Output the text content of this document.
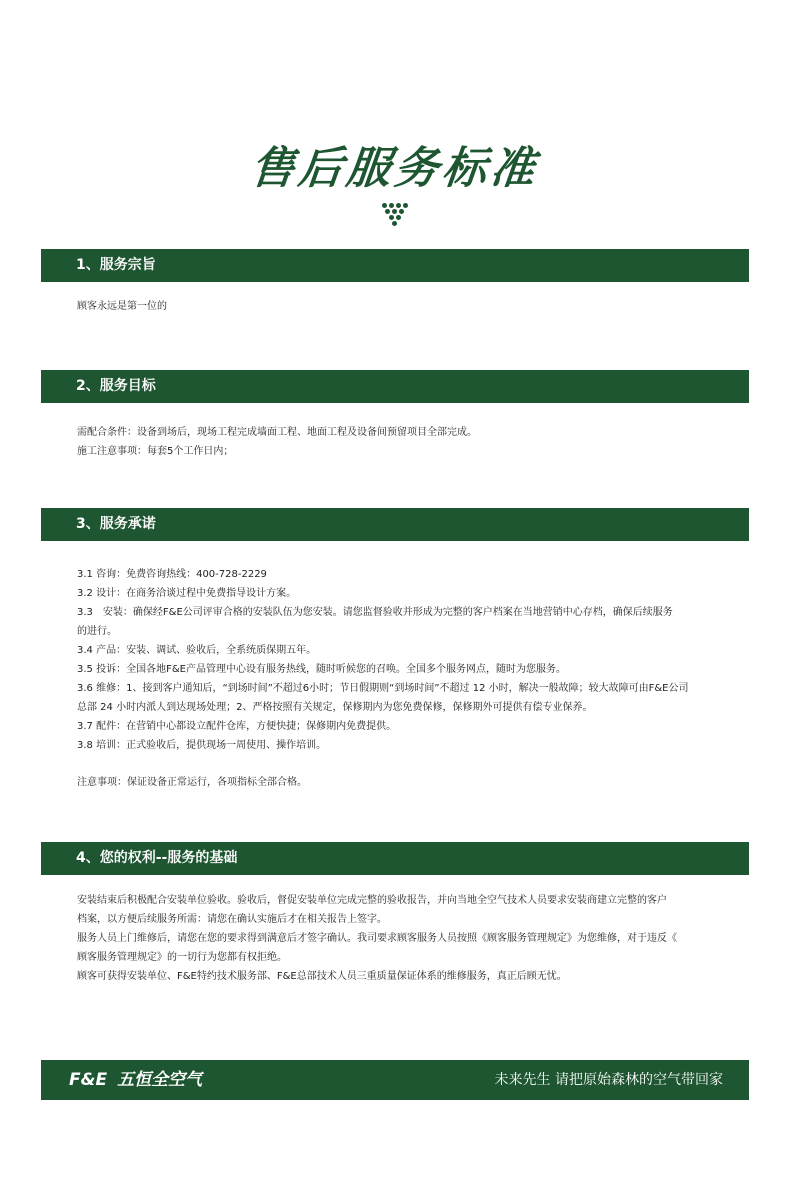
售后服务标准
1、服务宗旨

顾客永远是第一位的

2、服务目标

需配合条件：设备到场后，现场工程完成墙面工程、地面工程及设备间预留项目全部完成。

施工注意事项：每套5个工作日内；

3、服务承诺

3.1 咨询：免费咨询热线：400-728-2229

3.2 设计：在商务洽谈过程中免费指导设计方案。

3.3　安装：确保经F&E公司评审合格的安装队伍为您安装。请您监督验收并形成为完整的客户档案在当地营销中心存档，确保后续服务

的进行。

3.4 产品：安装、调试、验收后，全系统质保期五年。

3.5 投诉：全国各地F&E产品管理中心设有服务热线，随时听候您的召唤。全国多个服务网点，随时为您服务。

3.6 维修：1、接到客户通知后，“到场时间”不超过6小时；节日假期则“到场时间”不超过 12 小时，解决一般故障；较大故障可由F&E公司

总部 24 小时内派人到达现场处理；2、严格按照有关规定，保修期内为您免费保修，保修期外可提供有偿专业保养。

3.7 配件：在营销中心都设立配件仓库，方便快捷；保修期内免费提供。

3.8 培训：正式验收后，提供现场一周使用、操作培训。

注意事项：保证设备正常运行，各项指标全部合格。

4、您的权利--服务的基础

安装结束后积极配合安装单位验收。验收后，督促安装单位完成完整的验收报告，并向当地全空气技术人员要求安装商建立完整的客户

档案，以方便后续服务所需：请您在确认实施后才在相关报告上签字。

服务人员上门维修后，请您在您的要求得到满意后才签字确认。我司要求顾客服务人员按照《顾客服务管理规定》为您维修，对于违反《

顾客服务管理规定》的一切行为您都有权拒绝。

顾客可获得安装单位、F&E特约技术服务部、F&E总部技术人员三重质量保证体系的维修服务，真正后顾无忧。

F&E 五恒全空气	未来先生 请把原始森林的空气带回家
